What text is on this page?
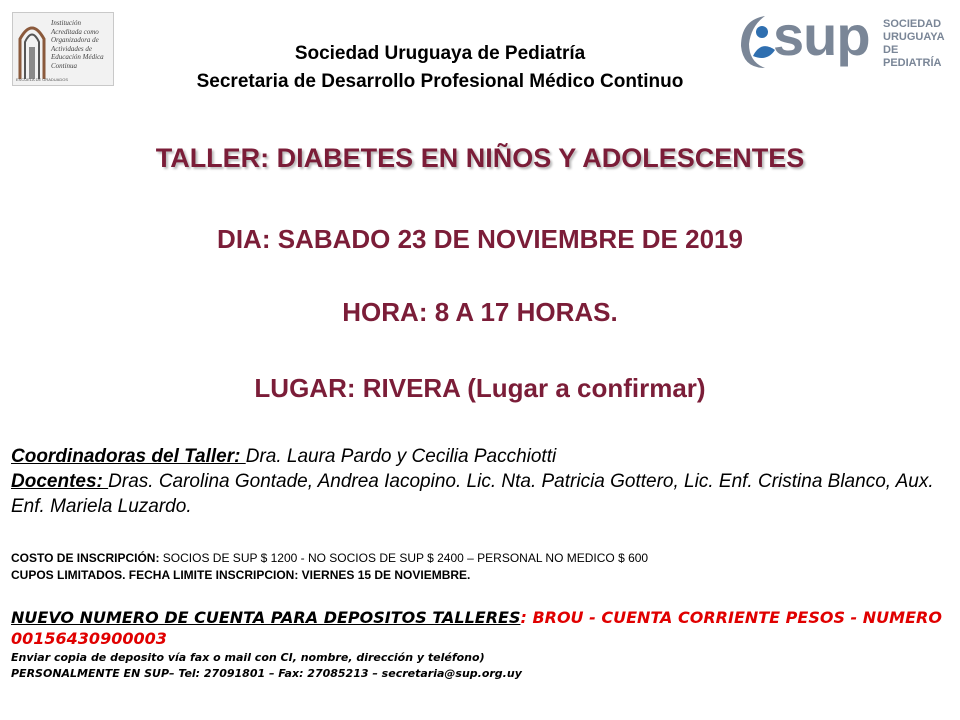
Institución Acreditada como
Organizadora de Actividades de
Educación Médica Continua
ESCUELA DE GRADUADOS
Sociedad Uruguaya de Pediatría
Secretaria de Desarrollo Profesional Médico Continuo
sup SOCIEDAD
URUGUAYA
DE PEDIATRÍA
TALLER: DIABETES EN NIÑOS Y ADOLESCENTES
DIA: SABADO 23 DE NOVIEMBRE DE 2019
HORA: 8 A 17 HORAS.
LUGAR: RIVERA (Lugar a confirmar)
Coordinadoras del Taller: Dra. Laura Pardo y Cecilia Pacchiotti
Docentes: Dras. Carolina Gontade, Andrea Iacopino. Lic. Nta. Patricia Gottero, Lic. Enf. Cristina Blanco, Aux. Enf. Mariela Luzardo.
COSTO DE INSCRIPCIÓN: SOCIOS DE SUP $ 1200 - NO SOCIOS DE SUP $ 2400 – PERSONAL NO MEDICO $ 600
CUPOS LIMITADOS. FECHA LIMITE INSCRIPCION: VIERNES 15 DE NOVIEMBRE.
NUEVO NUMERO DE CUENTA PARA DEPOSITOS TALLERES: BROU - CUENTA CORRIENTE PESOS - NUMERO 00156430900003
Enviar copia de deposito vía fax o mail con CI, nombre, dirección y teléfono)
PERSONALMENTE EN SUP– Tel: 27091801 – Fax: 27085213 – secretaria@sup.org.uy
